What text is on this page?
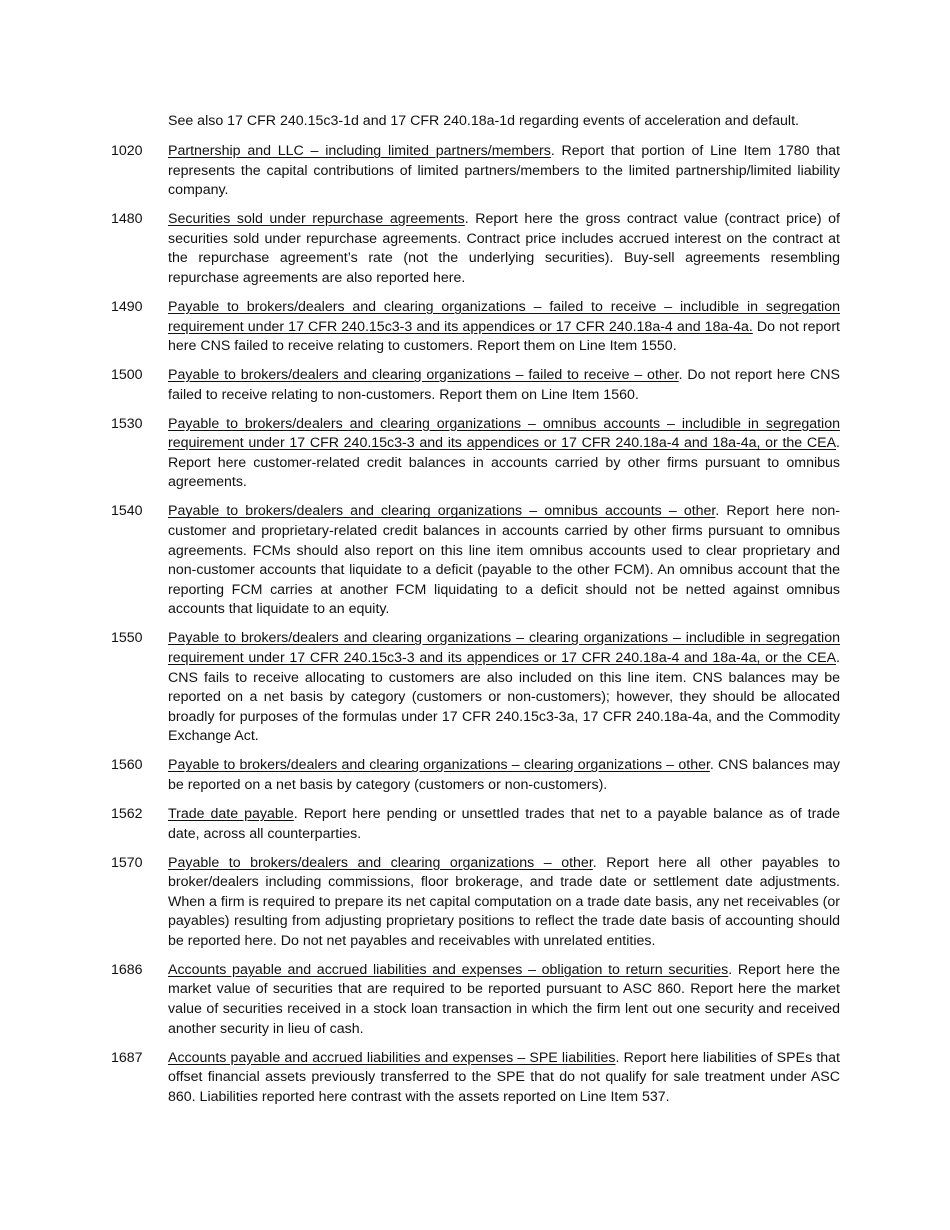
See also 17 CFR 240.15c3-1d and 17 CFR 240.18a-1d regarding events of acceleration and default.
1020	Partnership and LLC – including limited partners/members. Report that portion of Line Item 1780 that represents the capital contributions of limited partners/members to the limited partnership/limited liability company.
1480	Securities sold under repurchase agreements. Report here the gross contract value (contract price) of securities sold under repurchase agreements. Contract price includes accrued interest on the contract at the repurchase agreement’s rate (not the underlying securities). Buy-sell agreements resembling repurchase agreements are also reported here.
1490	Payable to brokers/dealers and clearing organizations – failed to receive – includible in segregation requirement under 17 CFR 240.15c3-3 and its appendices or 17 CFR 240.18a-4 and 18a-4a. Do not report here CNS failed to receive relating to customers. Report them on Line Item 1550.
1500	Payable to brokers/dealers and clearing organizations – failed to receive – other. Do not report here CNS failed to receive relating to non-customers. Report them on Line Item 1560.
1530	Payable to brokers/dealers and clearing organizations – omnibus accounts – includible in segregation requirement under 17 CFR 240.15c3-3 and its appendices or 17 CFR 240.18a-4 and 18a-4a, or the CEA. Report here customer-related credit balances in accounts carried by other firms pursuant to omnibus agreements.
1540	Payable to brokers/dealers and clearing organizations – omnibus accounts – other. Report here non-customer and proprietary-related credit balances in accounts carried by other firms pursuant to omnibus agreements. FCMs should also report on this line item omnibus accounts used to clear proprietary and non-customer accounts that liquidate to a deficit (payable to the other FCM). An omnibus account that the reporting FCM carries at another FCM liquidating to a deficit should not be netted against omnibus accounts that liquidate to an equity.
1550	Payable to brokers/dealers and clearing organizations – clearing organizations – includible in segregation requirement under 17 CFR 240.15c3-3 and its appendices or 17 CFR 240.18a-4 and 18a-4a, or the CEA. CNS fails to receive allocating to customers are also included on this line item. CNS balances may be reported on a net basis by category (customers or non-customers); however, they should be allocated broadly for purposes of the formulas under 17 CFR 240.15c3-3a, 17 CFR 240.18a-4a, and the Commodity Exchange Act.
1560	Payable to brokers/dealers and clearing organizations – clearing organizations – other. CNS balances may be reported on a net basis by category (customers or non-customers).
1562	Trade date payable. Report here pending or unsettled trades that net to a payable balance as of trade date, across all counterparties.
1570	Payable to brokers/dealers and clearing organizations – other. Report here all other payables to broker/dealers including commissions, floor brokerage, and trade date or settlement date adjustments. When a firm is required to prepare its net capital computation on a trade date basis, any net receivables (or payables) resulting from adjusting proprietary positions to reflect the trade date basis of accounting should be reported here. Do not net payables and receivables with unrelated entities.
1686	Accounts payable and accrued liabilities and expenses – obligation to return securities. Report here the market value of securities that are required to be reported pursuant to ASC 860. Report here the market value of securities received in a stock loan transaction in which the firm lent out one security and received another security in lieu of cash.
1687	Accounts payable and accrued liabilities and expenses – SPE liabilities. Report here liabilities of SPEs that offset financial assets previously transferred to the SPE that do not qualify for sale treatment under ASC 860. Liabilities reported here contrast with the assets reported on Line Item 537.
